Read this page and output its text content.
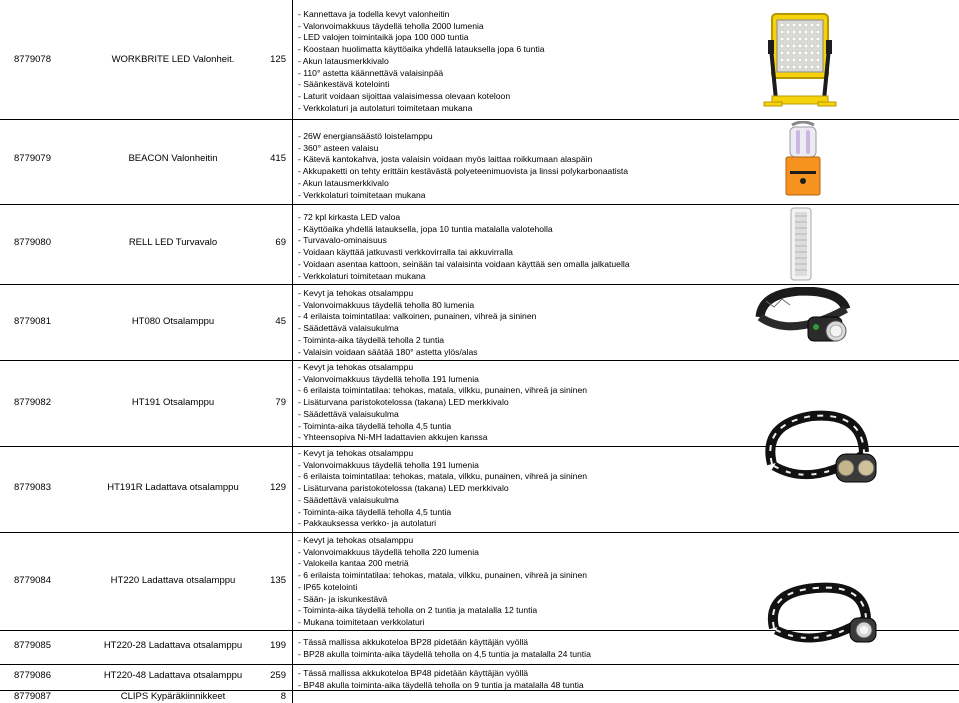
8779078	WORKBRITE LED Valonheit.	125
- Kannettava ja todella kevyt valonheitin
- Valonvoimakkuus täydellä teholla 2000 lumenia
- LED valojen toimintaikä jopa 100 000 tuntia
- Koostaan huolimatta käyttöaika yhdellä latauksella jopa 6 tuntia
- Akun latausmerkkivalo
- 110° astetta käännettävä valaisinpää
- Säänkestävä kotelointi
- Laturit voidaan sijoittaa valaisimessa olevaan koteloon
- Verkkolaturi ja autolaturi toimitetaan mukana
8779079	BEACON Valonheitin	415
- 26W energiansäästö loistelamppu
- 360° asteen valaisu
- Kätevä kantokahva, josta valaisin voidaan myös laittaa roikkumaan alaspäin
- Akkupaketti on tehty erittäin kestävästä polyeteenimuovista ja linssi polykarbonaatista
- Akun latausmerkkivalo
- Verkkolaturi toimitetaan mukana
8779080	RELL LED Turvavalo	69
- 72 kpl kirkasta LED valoa
- Käyttöaika yhdellä latauksella, jopa 10 tuntia matalalla valoteholla
- Turvavalo-ominaisuus
- Voidaan käyttää jatkuvasti verkkovirralla tai akkuvirralla
- Voidaan asentaa kattoon, seinään tai valaisinta voidaan käyttää sen omalla jalkatuella
- Verkkolaturi toimitetaan mukana
8779081	HT080 Otsalamppu	45
- Kevyt ja tehokas otsalamppu
- Valonvoimakkuus täydellä teholla 80 lumenia
- 4 erilaista toimintatilaa: valkoinen, punainen, vihreä ja sininen
- Säädettävä valaisukulma
- Toiminta-aika täydellä teholla 2 tuntia
- Valaisin voidaan säätää 180° astetta ylös/alas
8779082	HT191 Otsalamppu	79
- Kevyt ja tehokas otsalamppu
- Valonvoimakkuus täydellä teholla 191 lumenia
- 6 erilaista toimintatilaa: tehokas, matala, vilkku, punainen, vihreä ja sininen
- Lisäturvana paristokotelossa (takana) LED merkkivalo
- Säädettävä valaisukulma
- Toiminta-aika täydellä teholla 4,5 tuntia
- Yhteensopiva Ni-MH ladattavien akkujen kanssa
8779083	HT191R Ladattava otsalamppu	129
- Kevyt ja tehokas otsalamppu
- Valonvoimakkuus täydellä teholla 191 lumenia
- 6 erilaista toimintatilaa: tehokas, matala, vilkku, punainen, vihreä ja sininen
- Lisäturvana paristokotelossa (takana) LED merkkivalo
- Säädettävä valaisukulma
- Toiminta-aika täydellä teholla 4,5 tuntia
- Pakkauksessa verkko- ja autolaturi
8779084	HT220 Ladattava otsalamppu	135
- Kevyt ja tehokas otsalamppu
- Valonvoimakkuus täydellä teholla 220 lumenia
- Valokeila kantaa 200 metriä
- 6 erilaista toimintatilaa: tehokas, matala, vilkku, punainen, vihreä ja sininen
- IP65 kotelointi
- Sään- ja iskunkestävä
- Toiminta-aika täydellä teholla on 2 tuntia ja matalalla 12 tuntia
- Mukana toimitetaan verkkolaturi
8779085	HT220-28 Ladattava otsalamppu	199 - Tässä mallissa akkukoteloa BP28 pidetään käyttäjän vyöllä
- BP28 akulla toiminta-aika täydellä teholla on 4,5 tuntia ja matalalla 24 tuntia
8779086	HT220-48 Ladattava otsalamppu	259 - Tässä mallissa akkukoteloa BP48 pidetään käyttäjän vyöllä
- BP48 akulla toiminta-aika täydellä teholla on 9 tuntia ja matalalla 48 tuntia
8779087	CLIPS Kypäräkiinnikkeet	8
